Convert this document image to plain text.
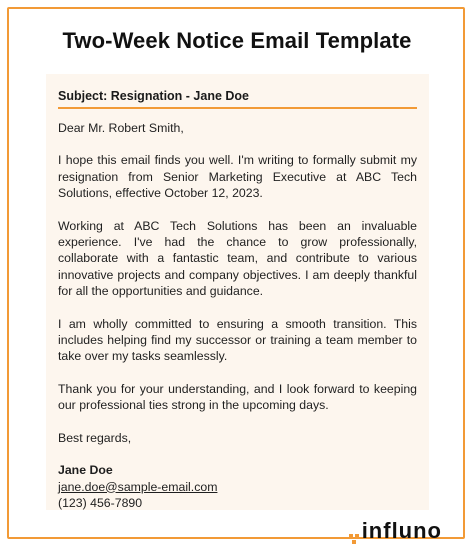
Two-Week Notice Email Template
Subject: Resignation - Jane Doe

Dear Mr. Robert Smith,

I hope this email finds you well. I'm writing to formally submit my resignation from Senior Marketing Executive at ABC Tech Solutions, effective October 12, 2023.

Working at ABC Tech Solutions has been an invaluable experience. I've had the chance to grow professionally, collaborate with a fantastic team, and contribute to various innovative projects and company objectives. I am deeply thankful for all the opportunities and guidance.

I am wholly committed to ensuring a smooth transition. This includes helping find my successor or training a team member to take over my tasks seamlessly.

Thank you for your understanding, and I look forward to keeping our professional ties strong in the upcoming days.

Best regards,

Jane Doe

jane.doe@sample-email.com
(123) 456-7890

influno
